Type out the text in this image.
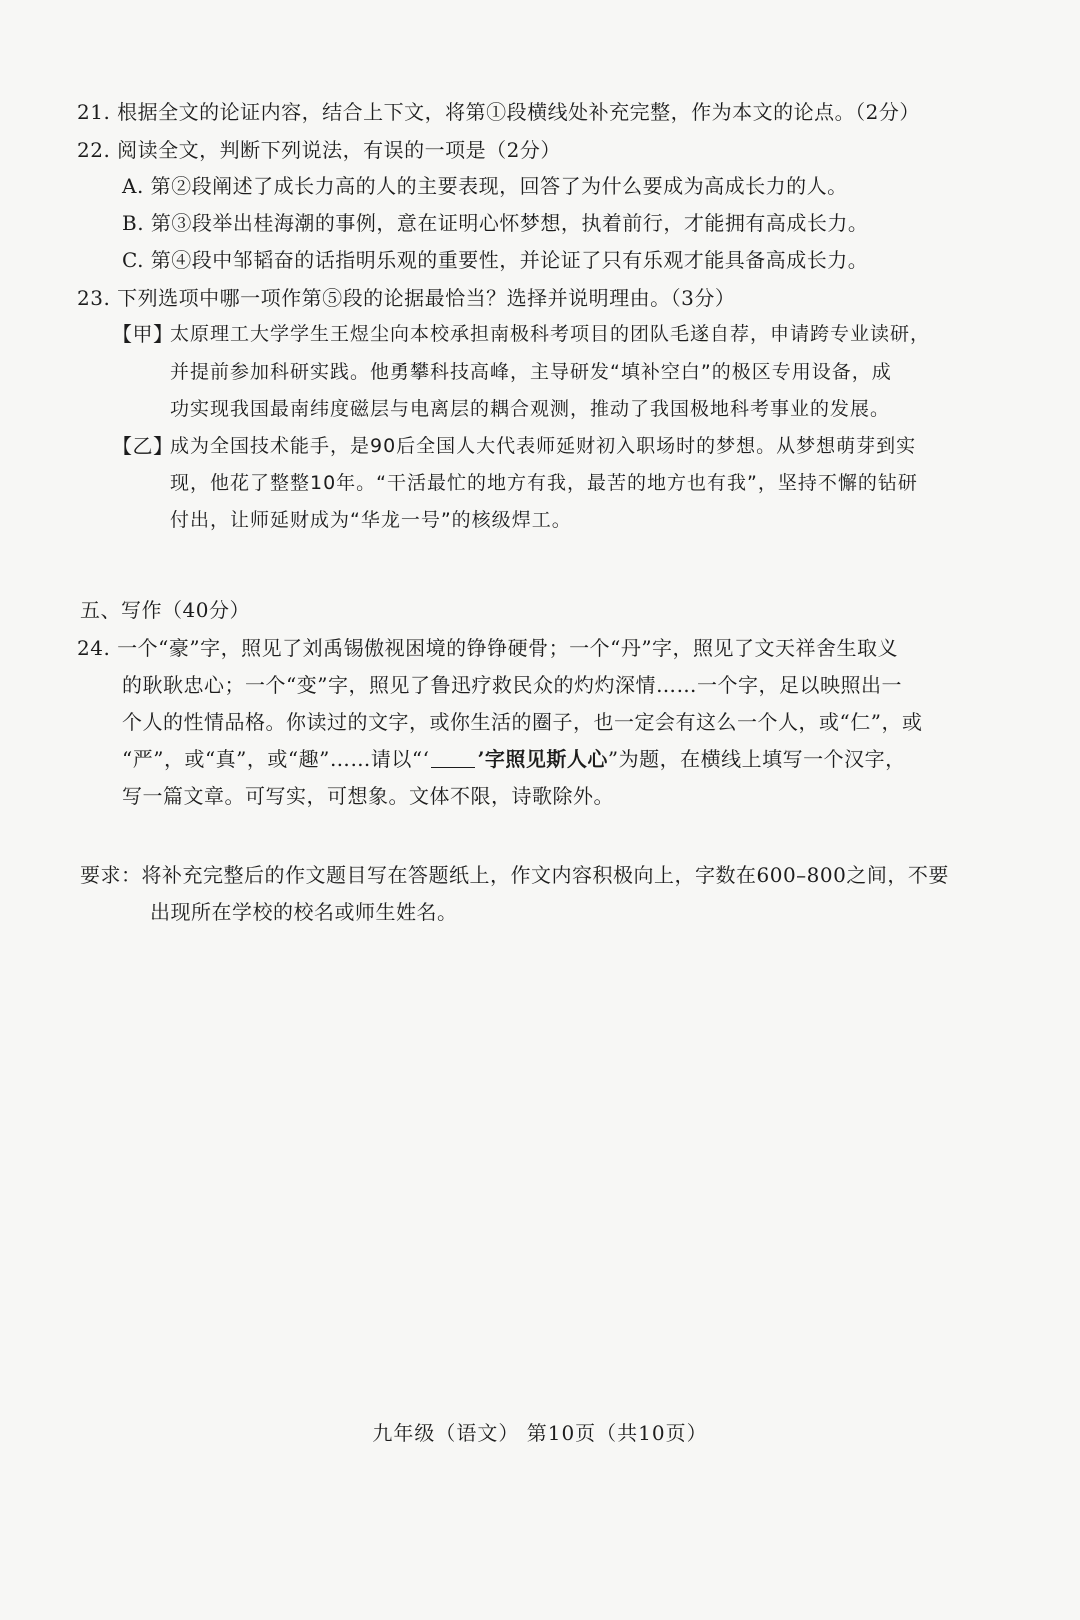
21. 根据全文的论证内容，结合上下文，将第①段横线处补充完整，作为本文的论点。（2分）
22. 阅读全文，判断下列说法，有误的一项是（2分）
A. 第②段阐述了成长力高的人的主要表现，回答了为什么要成为高成长力的人。
B. 第③段举出桂海潮的事例，意在证明心怀梦想，执着前行，才能拥有高成长力。
C. 第④段中邹韬奋的话指明乐观的重要性，并论证了只有乐观才能具备高成长力。
23. 下列选项中哪一项作第⑤段的论据最恰当？选择并说明理由。（3分）
【甲】
太原理工大学学生王煜尘向本校承担南极科考项目的团队毛遂自荐，申请跨专业读研，
并提前参加科研实践。他勇攀科技高峰，主导研发“填补空白”的极区专用设备，成
功实现我国最南纬度磁层与电离层的耦合观测，推动了我国极地科考事业的发展。
【乙】
成为全国技术能手，是90后全国人大代表师延财初入职场时的梦想。从梦想萌芽到实
现，他花了整整10年。“干活最忙的地方有我，最苦的地方也有我”，坚持不懈的钻研
付出，让师延财成为“华龙一号”的核级焊工。
五、写作（40分）
24. 一个“豪”字，照见了刘禹锡傲视困境的铮铮硬骨；一个“丹”字，照见了文天祥舍生取义
的耿耿忠心；一个“变”字，照见了鲁迅疗救民众的灼灼深情……一个字，足以映照出一
个人的性情品格。你读过的文字，或你生活的圈子，也一定会有这么一个人，或“仁”，或
“严”，或“真”，或“趣”……请以“‘ ’字照见斯人心”为题，在横线上填写一个汉字，
写一篇文章。可写实，可想象。文体不限，诗歌除外。
要求：将补充完整后的作文题目写在答题纸上，作文内容积极向上，字数在600–800之间，不要
出现所在学校的校名或师生姓名。
九年级（语文） 第10页（共10页）
